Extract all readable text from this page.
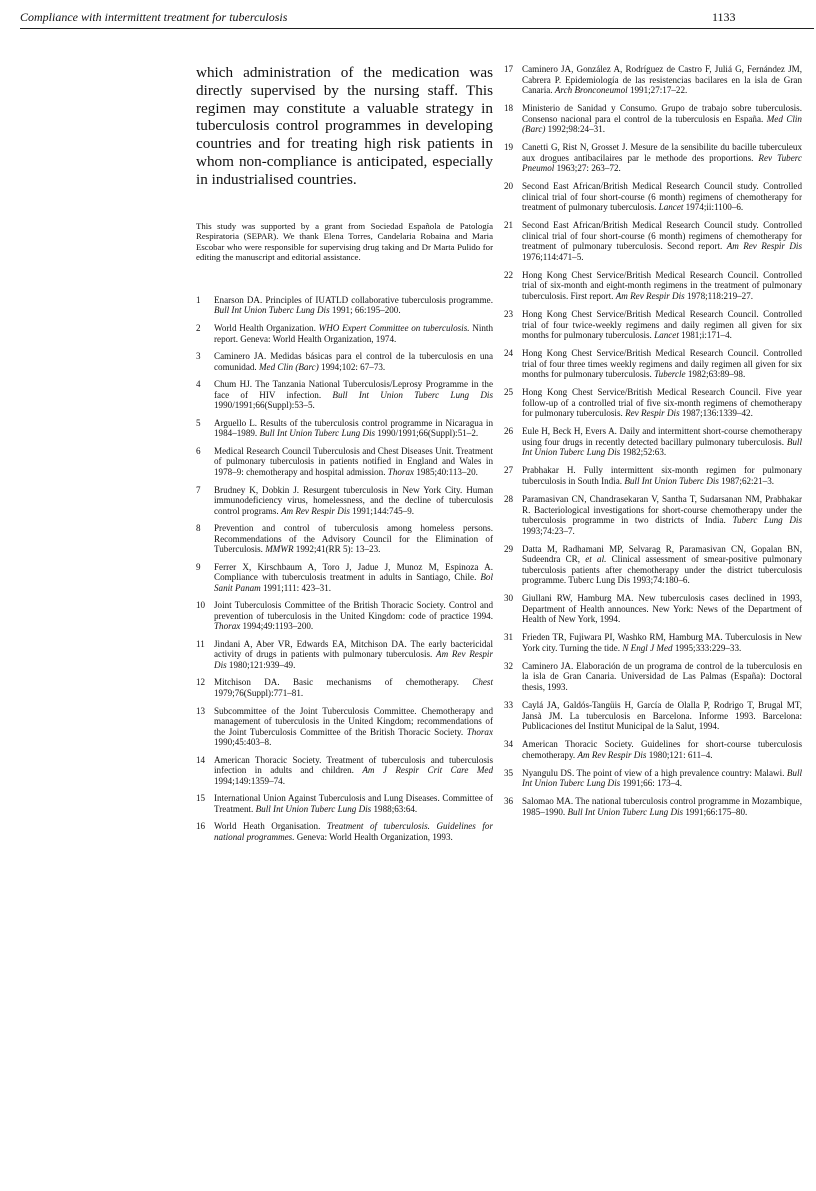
Compliance with intermittent treatment for tuberculosis	1133

which administration of the medication was directly supervised by the nursing staff. This regimen may constitute a valuable strategy in tuberculosis control programmes in developing countries and for treating high risk patients in whom non-compliance is anticipated, especially in industrialised countries.

This study was supported by a grant from Sociedad Española de Patología Respiratoria (SEPAR). We thank Elena Torres, Candelaria Robaina and Maria Escobar who were responsible for supervising drug taking and Dr Marta Pulido for editing the manuscript and editorial assistance.

1	Enarson DA. Principles of IUATLD collaborative tuberculosis programme. Bull Int Union Tuberc Lung Dis 1991; 66:195–200.
2	World Health Organization. WHO Expert Committee on tuberculosis. Ninth report. Geneva: World Health Organization, 1974.
3	Caminero JA. Medidas básicas para el control de la tuberculosis en una comunidad. Med Clin (Barc) 1994;102: 67–73.
4	Chum HJ. The Tanzania National Tuberculosis/Leprosy Programme in the face of HIV infection. Bull Int Union Tuberc Lung Dis 1990/1991;66(Suppl):53–5.
5	Arguello L. Results of the tuberculosis control programme in Nicaragua in 1984–1989. Bull Int Union Tuberc Lung Dis 1990/1991;66(Suppl):51–2.
6	Medical Research Council Tuberculosis and Chest Diseases Unit. Treatment of pulmonary tuberculosis in patients notified in England and Wales in 1978–9: chemotherapy and hospital admission. Thorax 1985;40:113–20.
7	Brudney K, Dobkin J. Resurgent tuberculosis in New York City. Human immunodeficiency virus, homelessness, and the decline of tuberculosis control programs. Am Rev Respir Dis 1991;144:745–9.
8	Prevention and control of tuberculosis among homeless persons. Recommendations of the Advisory Council for the Elimination of Tuberculosis. MMWR 1992;41(RR 5): 13–23.
9	Ferrer X, Kirschbaum A, Toro J, Jadue J, Munoz M, Espinoza A. Compliance with tuberculosis treatment in adults in Santiago, Chile. Bol Sanit Panam 1991;111: 423–31.
10 Joint Tuberculosis Committee of the British Thoracic Society. Control and prevention of tuberculosis in the United Kingdom: code of practice 1994. Thorax 1994;49:1193–200.
11	Jindani A, Aber VR, Edwards EA, Mitchison DA. The early bactericidal activity of drugs in patients with pulmonary tuberculosis. Am Rev Respir Dis 1980;121:939–49.
12 Mitchison DA. Basic mechanisms of chemotherapy. Chest 1979;76(Suppl):771–81.
13 Subcommittee of the Joint Tuberculosis Committee. Chemotherapy and management of tuberculosis in the United Kingdom; recommendations of the Joint Tuberculosis Committee of the British Thoracic Society. Thorax 1990;45:403–8.
14 American Thoracic Society. Treatment of tuberculosis and tuberculosis infection in adults and children. Am J Respir Crit Care Med 1994;149:1359–74.
15 International Union Against Tuberculosis and Lung Diseases. Committee of Treatment. Bull Int Union Tuberc Lung Dis 1988;63:64.
16 World Heath Organisation. Treatment of tuberculosis. Guidelines for national programmes. Geneva: World Health Organization, 1993.
17 Caminero JA, González A, Rodríguez de Castro F, Juliá G, Fernández JM, Cabrera P. Epidemiología de las resistencias bacilares en la isla de Gran Canaria. Arch Bronconeumol 1991;27:17–22.
18 Ministerio de Sanidad y Consumo. Grupo de trabajo sobre tuberculosis. Consenso nacional para el control de la tuberculosis en España. Med Clin (Barc) 1992;98:24–31.
19 Canetti G, Rist N, Grosset J. Mesure de la sensibilite du bacille tuberculeux aux drogues antibacilaires par le methode des proportions. Rev Tuberc Pneumol 1963;27: 263–72.
20 Second East African/British Medical Research Council study. Controlled clinical trial of four short-course (6 month) regimens of chemotherapy for treatment of pulmonary tuberculosis. Lancet 1974;ii:1100–6.
21 Second East African/British Medical Research Council study. Controlled clinical trial of four short-course (6 month) regimens of chemotherapy for treatment of pulmonary tuberculosis. Second report. Am Rev Respir Dis 1976;114:471–5.
22 Hong Kong Chest Service/British Medical Research Council. Controlled trial of six-month and eight-month regimens in the treatment of pulmonary tuberculosis. First report. Am Rev Respir Dis 1978;118:219–27.
23 Hong Kong Chest Service/British Medical Research Council. Controlled trial of four twice-weekly regimens and daily regimen all given for six months for pulmonary tuberculosis. Lancet 1981;i:171–4.
24 Hong Kong Chest Service/British Medical Research Council. Controlled trial of four three times weekly regimens and daily regimen all given for six months for pulmonary tuberculosis. Tubercle 1982;63:89–98.
25 Hong Kong Chest Service/British Medical Research Council. Five year follow-up of a controlled trial of five six-month regimens of chemotherapy for pulmonary tuberculosis. Rev Respir Dis 1987;136:1339–42.
26 Eule H, Beck H, Evers A. Daily and intermittent short-course chemotherapy using four drugs in recently detected bacillary pulmonary tuberculosis. Bull Int Union Tuberc Lung Dis 1982;52:63.
27 Prabhakar H. Fully intermittent six-month regimen for pulmonary tuberculosis in South India. Bull Int Union Tuberc Dis 1987;62:21–3.
28 Paramasivan CN, Chandrasekaran V, Santha T, Sudarsanan NM, Prabhakar R. Bacteriological investigations for short-course chemotherapy under the tuberculosis programme in two districts of India. Tuberc Lung Dis 1993;74:23–7.
29 Datta M, Radhamani MP, Selvarag R, Paramasivan CN, Gopalan BN, Sudeendra CR, et al. Clinical assessment of smear-positive pulmonary tuberculosis patients after chemotherapy under the district tuberculosis programme. Tuberc Lung Dis 1993;74:180–6.
30 Giullani RW, Hamburg MA. New tuberculosis cases declined in 1993, Department of Health announces. New York: News of the Department of Health of New York, 1994.
31 Frieden TR, Fujiwara PI, Washko RM, Hamburg MA. Tuberculosis in New York city. Turning the tide. N Engl J Med 1995;333:229–33.
32 Caminero JA. Elaboración de un programa de control de la tuberculosis en la isla de Gran Canaria. Universidad de Las Palmas (España): Doctoral thesis, 1993.
33 Caylá JA, Galdós-Tangüis H, García de Olalla P, Rodrigo T, Brugal MT, Jansà JM. La tuberculosis en Barcelona. Informe 1993. Barcelona: Publicaciones del Institut Municipal de la Salut, 1994.
34 American Thoracic Society. Guidelines for short-course tuberculosis chemotherapy. Am Rev Respir Dis 1980;121: 611–4.
35 Nyangulu DS. The point of view of a high prevalence country: Malawi. Bull Int Union Tuberc Lung Dis 1991;66: 173–4.
36 Salomao MA. The national tuberculosis control programme in Mozambique, 1985–1990. Bull Int Union Tuberc Lung Dis 1991;66:175–80.
